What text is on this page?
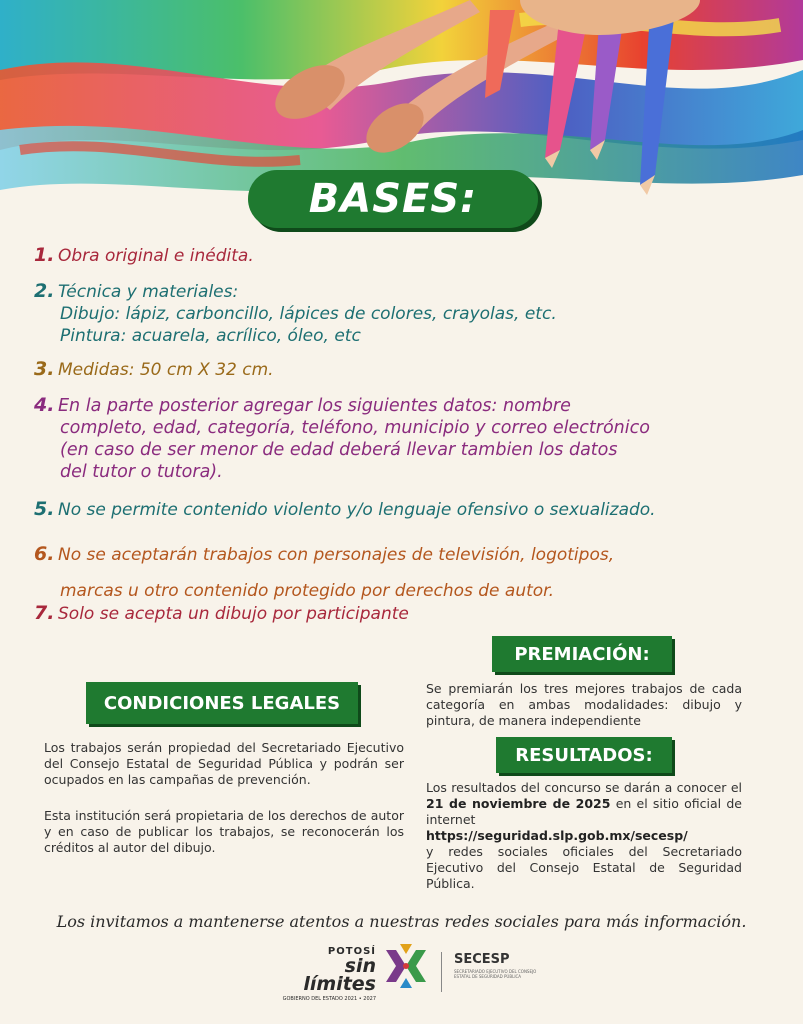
BASES:
1. Obra original e inédita.
2. Técnica y materiales:
Dibujo: lápiz, carboncillo, lápices de colores, crayolas, etc.
Pintura: acuarela, acrílico, óleo, etc
3. Medidas: 50 cm X 32 cm.
4. En la parte posterior agregar los siguientes datos: nombre
completo, edad, categoría, teléfono, municipio y correo electrónico
(en caso de ser menor de edad deberá llevar tambien los datos
del tutor o tutora).
5. No se permite contenido violento y/o lenguaje ofensivo o sexualizado.
6. No se aceptarán trabajos con personajes de televisión, logotipos,
marcas u otro contenido protegido por derechos de autor.
7. Solo se acepta un dibujo por participante
PREMIACIÓN:
Se premiarán los tres mejores trabajos de cada categoría en ambas modalidades: dibujo y pintura, de manera independiente
CONDICIONES LEGALES
Los trabajos serán propiedad del Secretariado Ejecutivo del Consejo Estatal de Seguridad Pública y podrán ser ocupados en las campañas de prevención.
Esta institución será propietaria de los derechos de autor y en caso de publicar los trabajos, se reconocerán los créditos al autor del dibujo.
RESULTADOS:
Los resultados del concurso se darán a conocer el 21 de noviembre de 2025 en el sitio oficial de internet
https://seguridad.slp.gob.mx/secesp/
y redes sociales oficiales del Secretariado Ejecutivo del Consejo Estatal de Seguridad Pública.
Los invitamos a mantenerse atentos a nuestras redes sociales para más información.
POTOSÍ
sin límites
GOBIERNO DEL ESTADO 2021 • 2027
SECESP
SECRETARIADO EJECUTIVO DEL CONSEJO ESTATAL DE SEGURIDAD PÚBLICA
